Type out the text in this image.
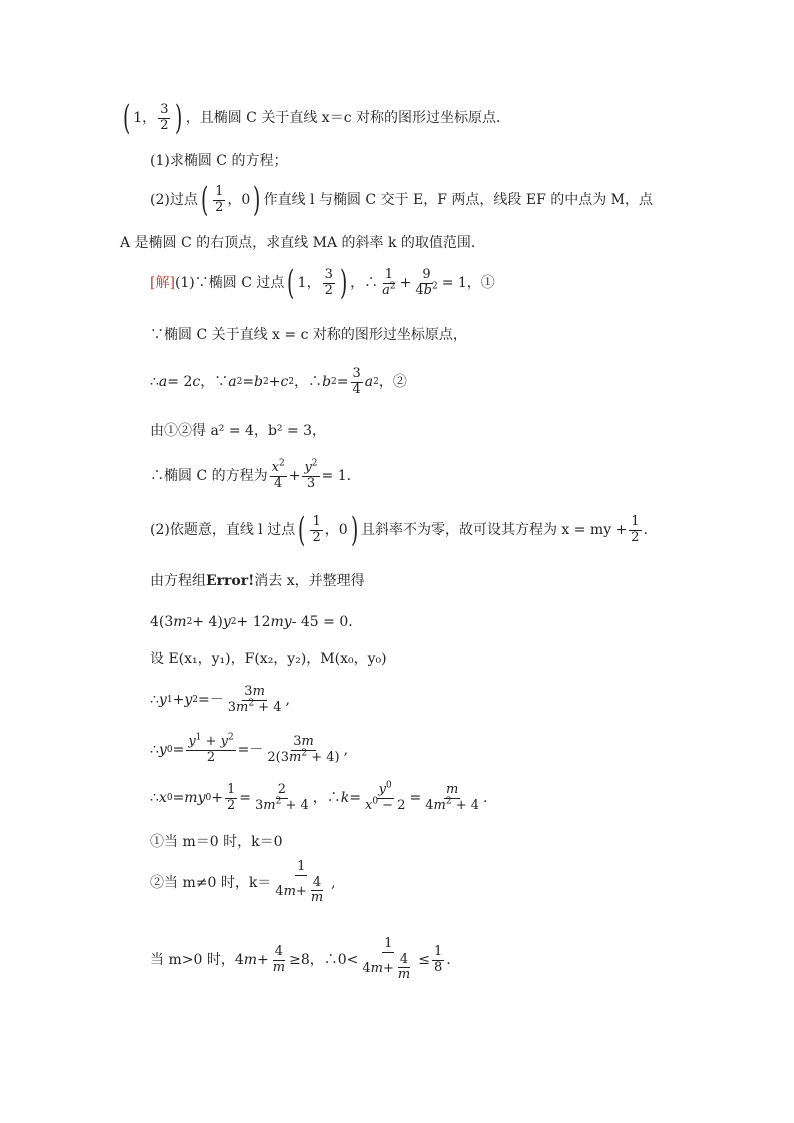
( 1， $\frac{3}{2}$ ) ，且椭圆 C 关于直线 x＝c 对称的图形过坐标原点．
(1)求椭圆 C 的方程；
(2)过点 ( $\frac{1}{2}$ ，0 ) 作直线 l 与椭圆 C 交于 E，F 两点，线段 EF 的中点为 M，点
A 是椭圆 C 的右顶点，求直线 MA 的斜率 k 的取值范围．
[解] (1)∵椭圆 C 过点 ( 1， $\frac{3}{2}$ ) ，∴ $\frac{1}{a^2} + \frac{9}{4b^2} = 1$，①
∵椭圆 C 关于直线 x = c 对称的图形过坐标原点，
∴ a = 2 c ，∵ a 2 = b 2 + c 2 ，∴ b $2 = \frac{3}{4}$ a 2 ，②
由①②得 a² = 4，b² = 3，
∴椭圆 C 的方程为 $\frac{x^2}{4} + \frac{y^2}{3} = 1$.
(2)依题意，直线 l 过点 ( $\frac{1}{2}$ ，0 ) 且斜率不为零，故可设其方程为 x = my + $\frac{1}{2}$ .
由方程组 Error! 消去 x，并整理得
4(3 m 2 + 4) y 2 + 12 my - 45 = 0.
设 E(x₁，y₁)，F(x₂，y₂)，M(x₀，y₀)
∴ y 1 + y $2 =- \frac{3m}{3m^2 + 4}$ ,
∴ y $0 = \frac{y^1 + y^2}{2} =- \frac{3m}{2(3m^2 + 4)}$ ,
∴ x 0 = my $0 + \frac{1}{2} = \frac{2}{3m^2 + 4}$ ，∴ $k = \frac{y^0}{x^0 - 2} = \frac{m}{4m^2 + 4}$ .
①当 m＝0 时，k＝0
②当 m≠0 时，$k= \frac{1}{4m+ \frac{4}{m}}$ ,
当 m>0 时， 4 $m + \frac{4}{m} \ge 8$，∴0< $\frac{1}{4m+ \frac{4}{m}} \le \frac{1}{8}$ .
